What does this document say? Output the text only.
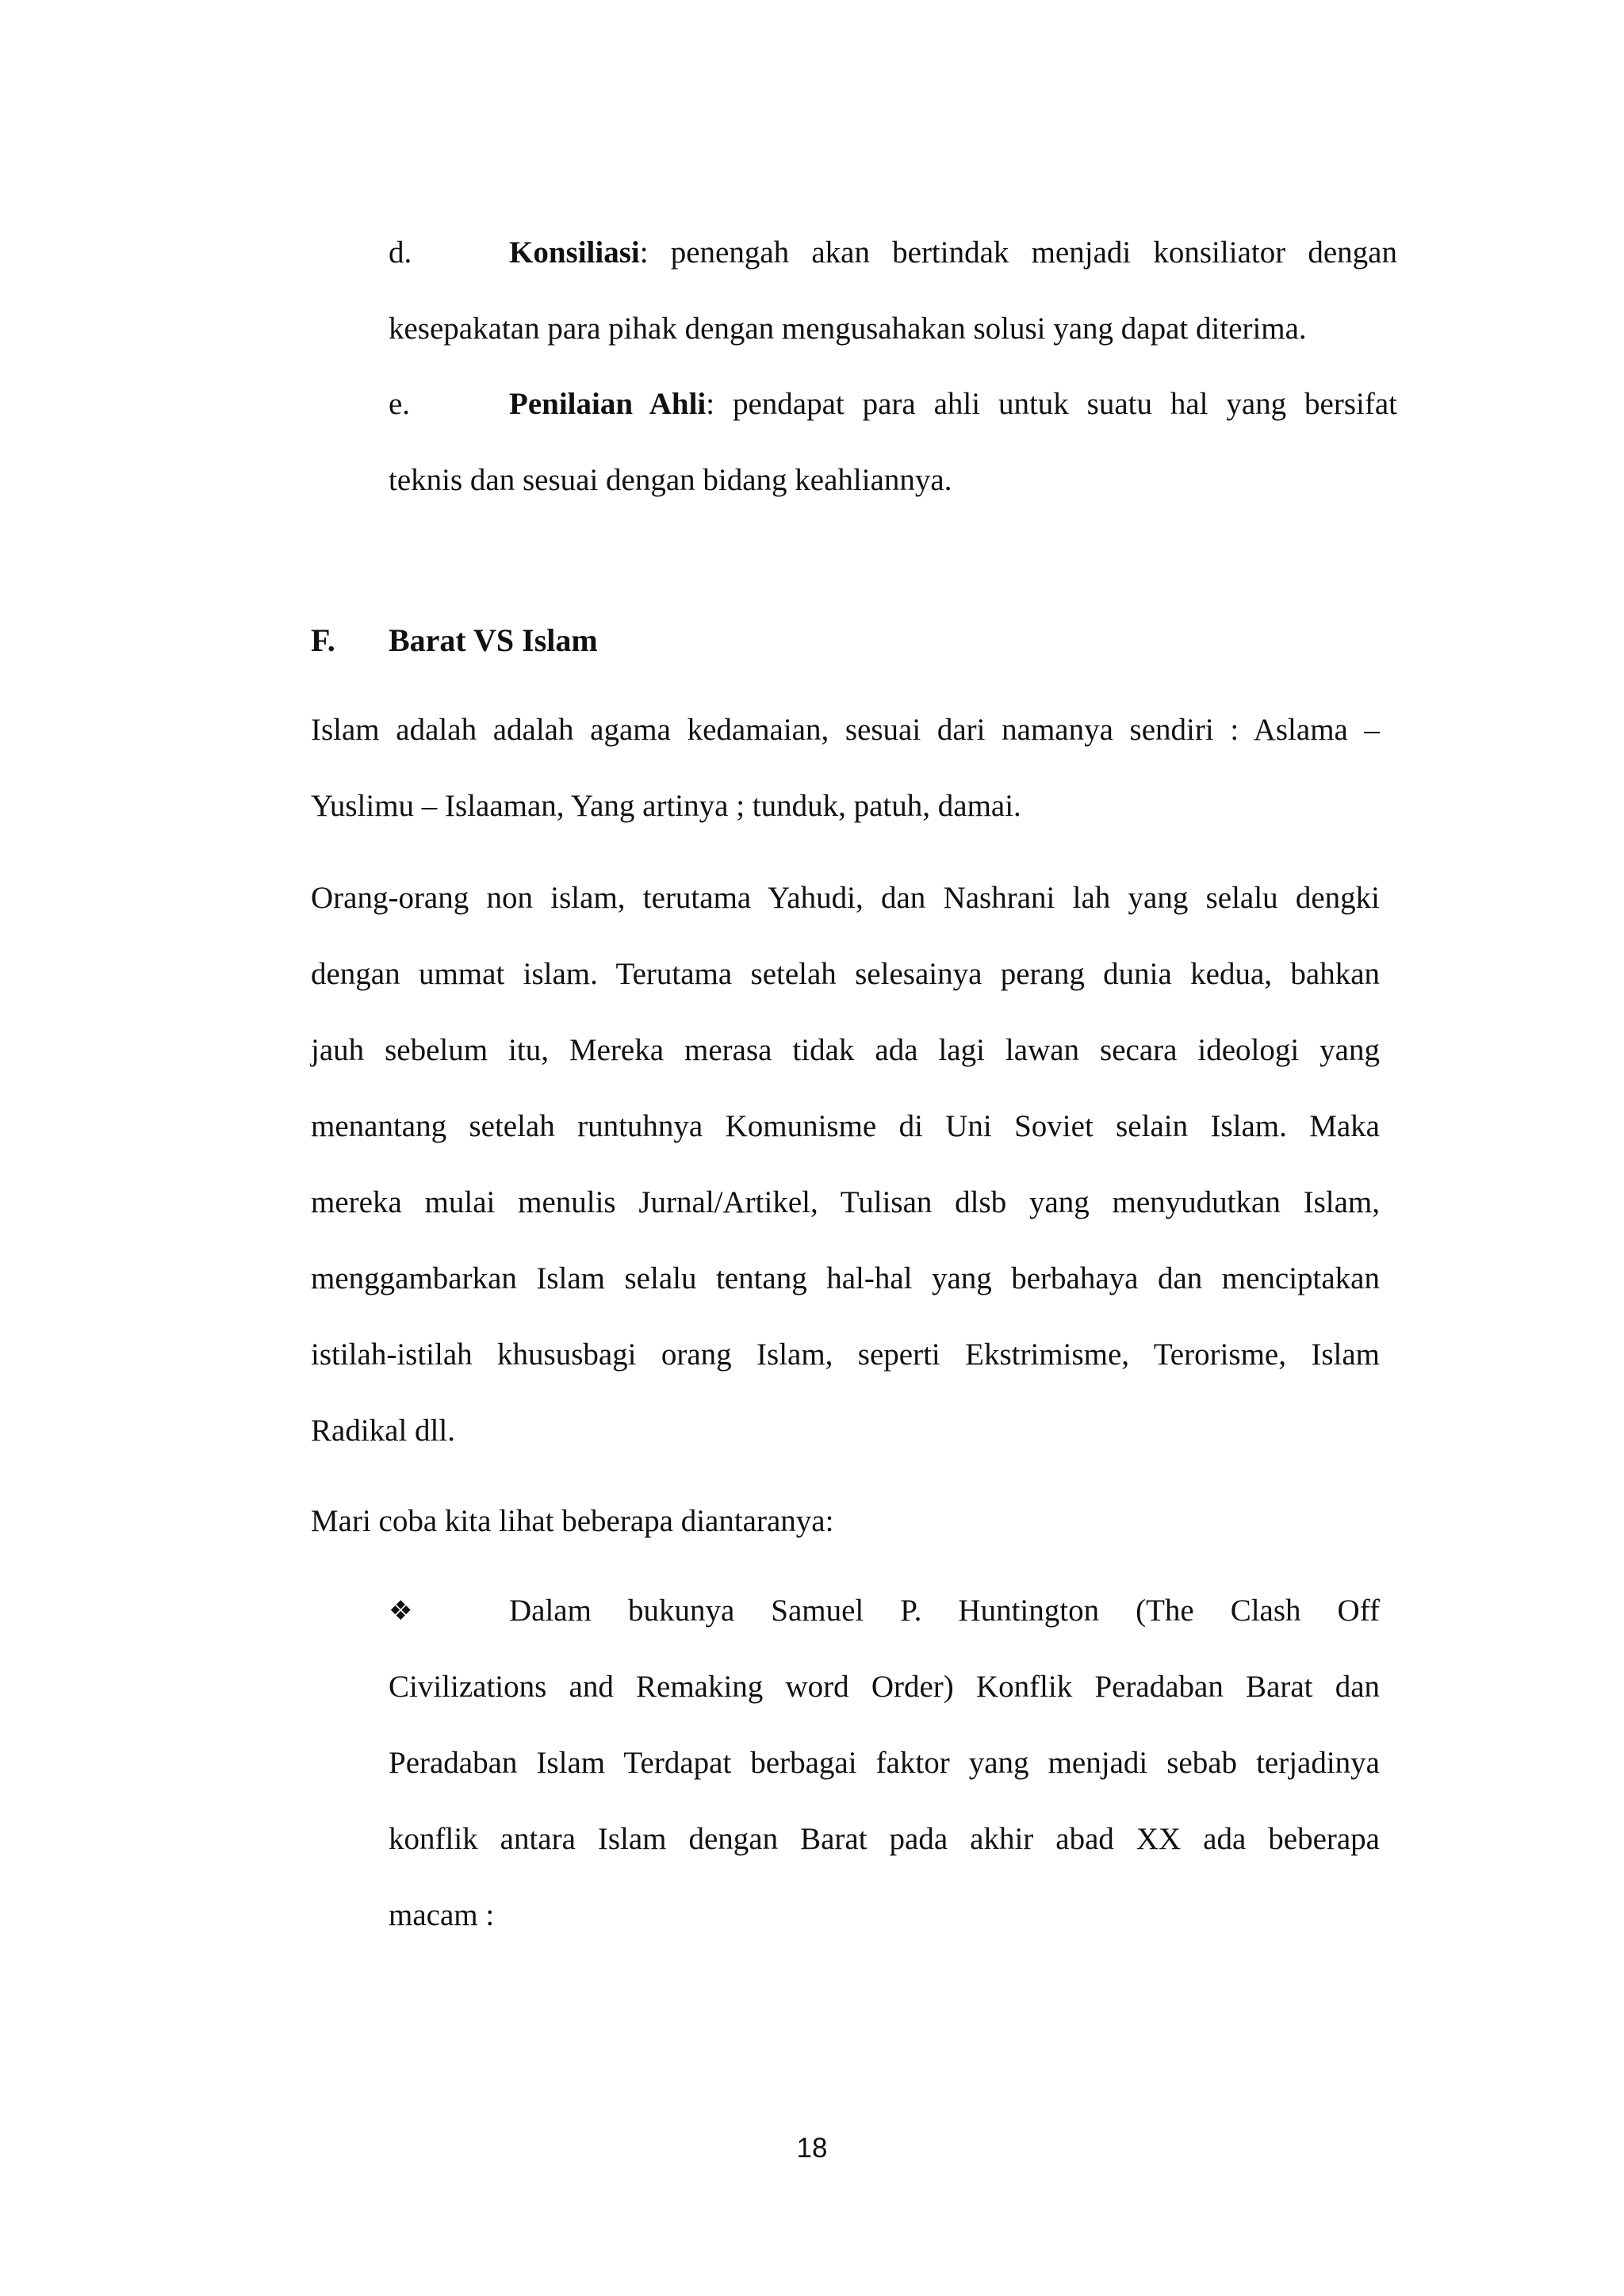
d.	Konsiliasi: penengah akan bertindak menjadi konsiliator dengan
kesepakatan para pihak dengan mengusahakan solusi yang dapat diterima.
e.	Penilaian Ahli: pendapat para ahli untuk suatu hal yang bersifat
teknis dan sesuai dengan bidang keahliannya.
F. Barat VS Islam
Islam adalah adalah agama kedamaian, sesuai dari namanya sendiri : Aslama –
Yuslimu – Islaaman, Yang artinya ; tunduk, patuh, damai.
Orang-orang non islam, terutama Yahudi, dan Nashrani lah yang selalu dengki
dengan ummat islam. Terutama setelah selesainya perang dunia kedua, bahkan
jauh sebelum itu, Mereka merasa tidak ada lagi lawan secara ideologi yang
menantang setelah runtuhnya Komunisme di Uni Soviet selain Islam. Maka
mereka mulai menulis Jurnal/Artikel, Tulisan dlsb yang menyudutkan Islam,
menggambarkan Islam selalu tentang hal-hal yang berbahaya dan menciptakan
istilah-istilah khususbagi orang Islam, seperti Ekstrimisme, Terorisme, Islam
Radikal dll.
Mari coba kita lihat beberapa diantaranya:
❖	Dalam bukunya Samuel P. Huntington (The Clash Off
Civilizations and Remaking word Order) Konflik Peradaban Barat dan
Peradaban Islam Terdapat berbagai faktor yang menjadi sebab terjadinya
konflik antara Islam dengan Barat pada akhir abad XX ada beberapa
macam :
18
